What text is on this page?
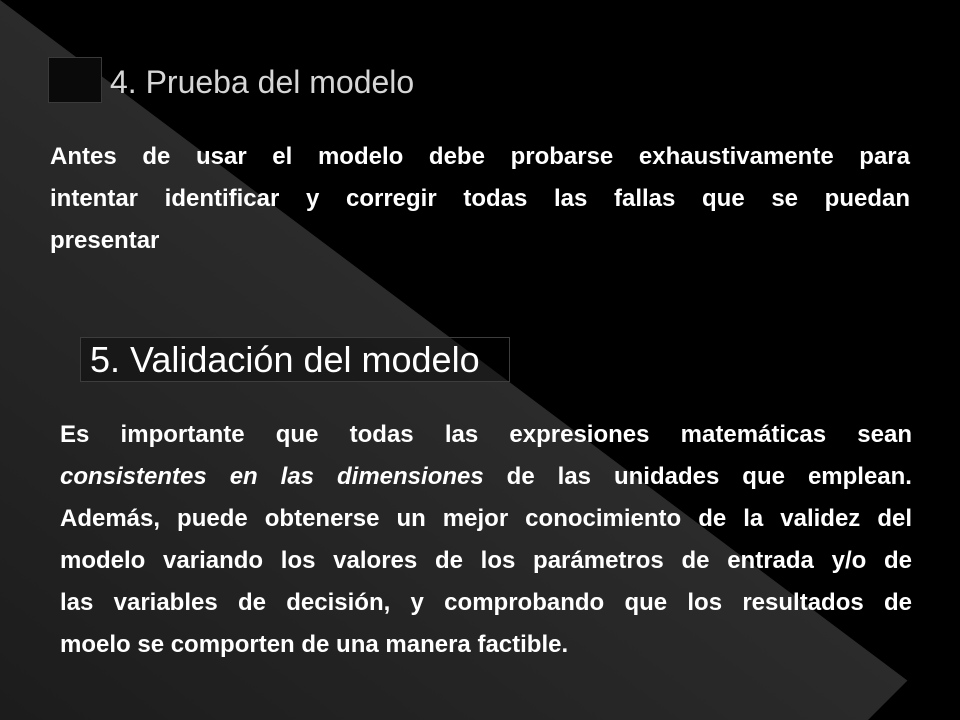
4. Prueba del modelo
Antes de usar el modelo debe probarse exhaustivamente para
intentar identificar y corregir todas las fallas que se puedan
presentar
5. Validación del modelo
Es importante que todas las expresiones matemáticas sean
consistentes en las dimensiones de las unidades que emplean.
Además, puede obtenerse un mejor conocimiento de la validez del
modelo variando los valores de los parámetros de entrada y/o de
las variables de decisión, y comprobando que los resultados de
moelo se comporten de una manera factible.
